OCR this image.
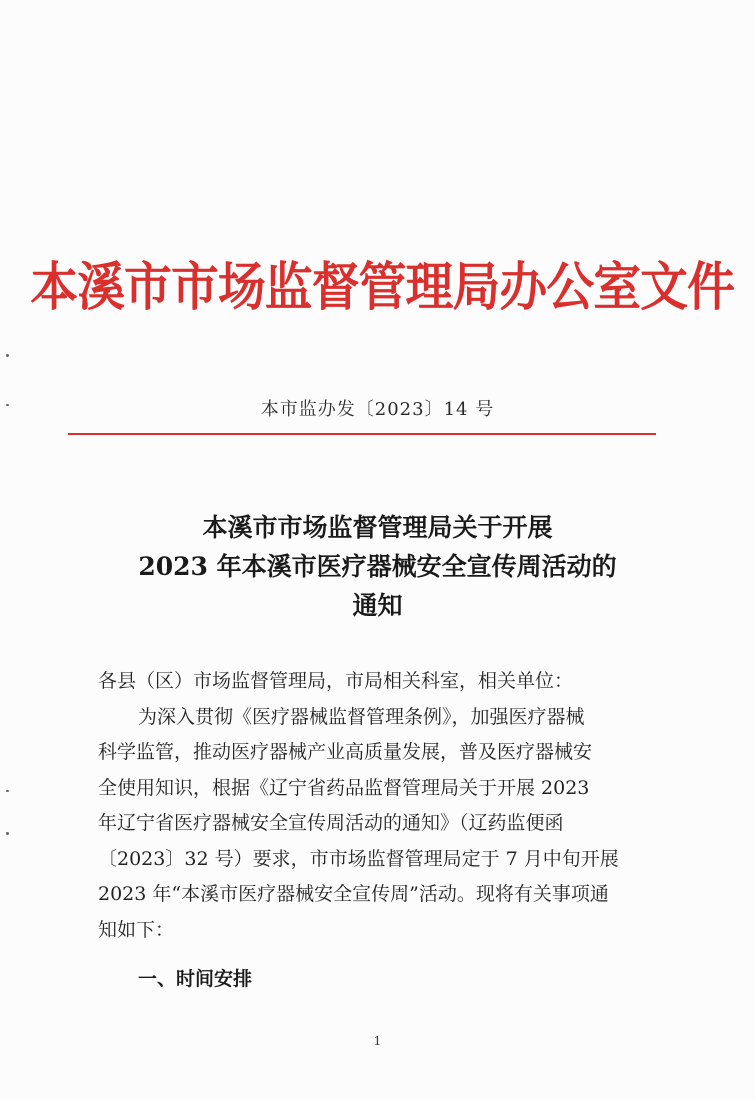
本溪市市场监督管理局办公室文件
本市监办发〔2023〕14 号
本溪市市场监督管理局关于开展
2023 年本溪市医疗器械安全宣传周活动的
通知
各县（区）市场监督管理局，市局相关科室，相关单位：
为深入贯彻《医疗器械监督管理条例》，加强医疗器械
科学监管，推动医疗器械产业高质量发展，普及医疗器械安
全使用知识，根据《辽宁省药品监督管理局关于开展 2023
年辽宁省医疗器械安全宣传周活动的通知》（辽药监便函
〔2023〕32 号）要求，市市场监督管理局定于 7 月中旬开展
2023 年“本溪市医疗器械安全宣传周”活动。现将有关事项通
知如下：
一、时间安排
1
